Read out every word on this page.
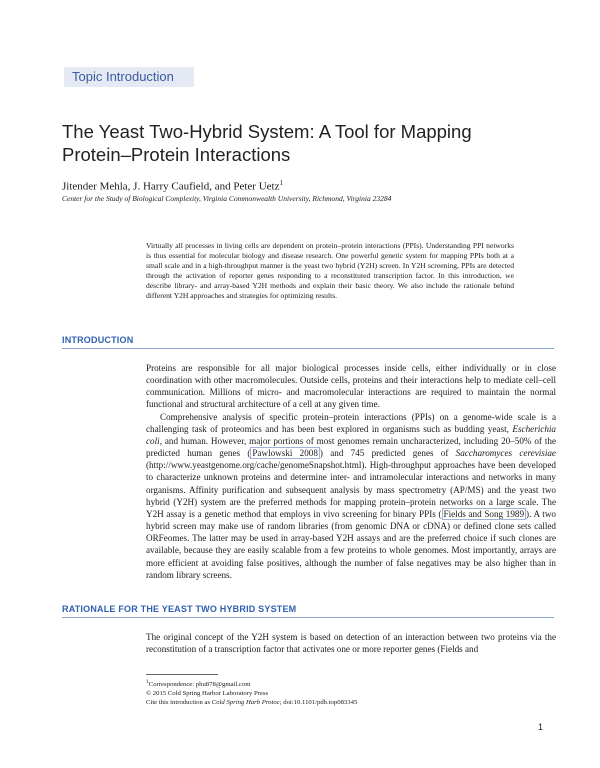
Topic Introduction
The Yeast Two-Hybrid System: A Tool for Mapping
Protein–Protein Interactions
Jitender Mehla, J. Harry Caufield, and Peter Uetz$^1$
Center for the Study of Biological Complexity, Virginia Commonwealth University, Richmond, Virginia 23284
Virtually all processes in living cells are dependent on protein–protein interactions (PPIs). Understanding PPI networks is thus essential for molecular biology and disease research. One powerful genetic system for mapping PPIs both at a small scale and in a high-throughput manner is the yeast two hybrid (Y2H) screen. In Y2H screening, PPIs are detected through the activation of reporter genes responding to a reconstituted transcription factor. In this introduction, we describe library- and array-based Y2H methods and explain their basic theory. We also include the rationale behind different Y2H approaches and strategies for optimizing results.
INTRODUCTION

Proteins are responsible for all major biological processes inside cells, either individually or in close coordination with other macromolecules. Outside cells, proteins and their interactions help to mediate cell–cell communication. Millions of micro- and macromolecular interactions are required to maintain the normal functional and structural architecture of a cell at any given time.

Comprehensive analysis of specific protein–protein interactions (PPIs) on a genome-wide scale is a challenging task of proteomics and has been best explored in organisms such as budding yeast, Escherichia coli, and human. However, major portions of most genomes remain uncharacterized, including 20–50% of the predicted human genes ( Pawlowski 2008 ) and 745 predicted genes of Saccharomyces cerevisiae (http://www.yeastgenome.org/cache/genomeSnapshot.html). High-throughput approaches have been developed to characterize unknown proteins and determine inter- and intramolecular interactions and networks in many organisms. Affinity purification and subsequent analysis by mass spectrometry (AP/MS) and the yeast two hybrid (Y2H) system are the preferred methods for mapping protein–protein networks on a large scale. The Y2H assay is a genetic method that employs in vivo screening for binary PPIs ( Fields and Song 1989 ). A two hybrid screen may make use of random libraries (from genomic DNA or cDNA) or defined clone sets called ORFeomes. The latter may be used in array-based Y2H assays and are the preferred choice if such clones are available, because they are easily scalable from a few proteins to whole genomes. Most importantly, arrays are more efficient at avoiding false positives, although the number of false negatives may be also higher than in random library screens.

RATIONALE FOR THE YEAST TWO HYBRID SYSTEM

The original concept of the Y2H system is based on detection of an interaction between two proteins via the reconstitution of a transcription factor that activates one or more reporter genes (Fields and

$^1$Correspondence: phu878@gmail.com
© 2015 Cold Spring Harbor Laboratory Press
Cite this introduction as Cold Spring Harb Protoc; doi:10.1101/pdb.top083345
1
